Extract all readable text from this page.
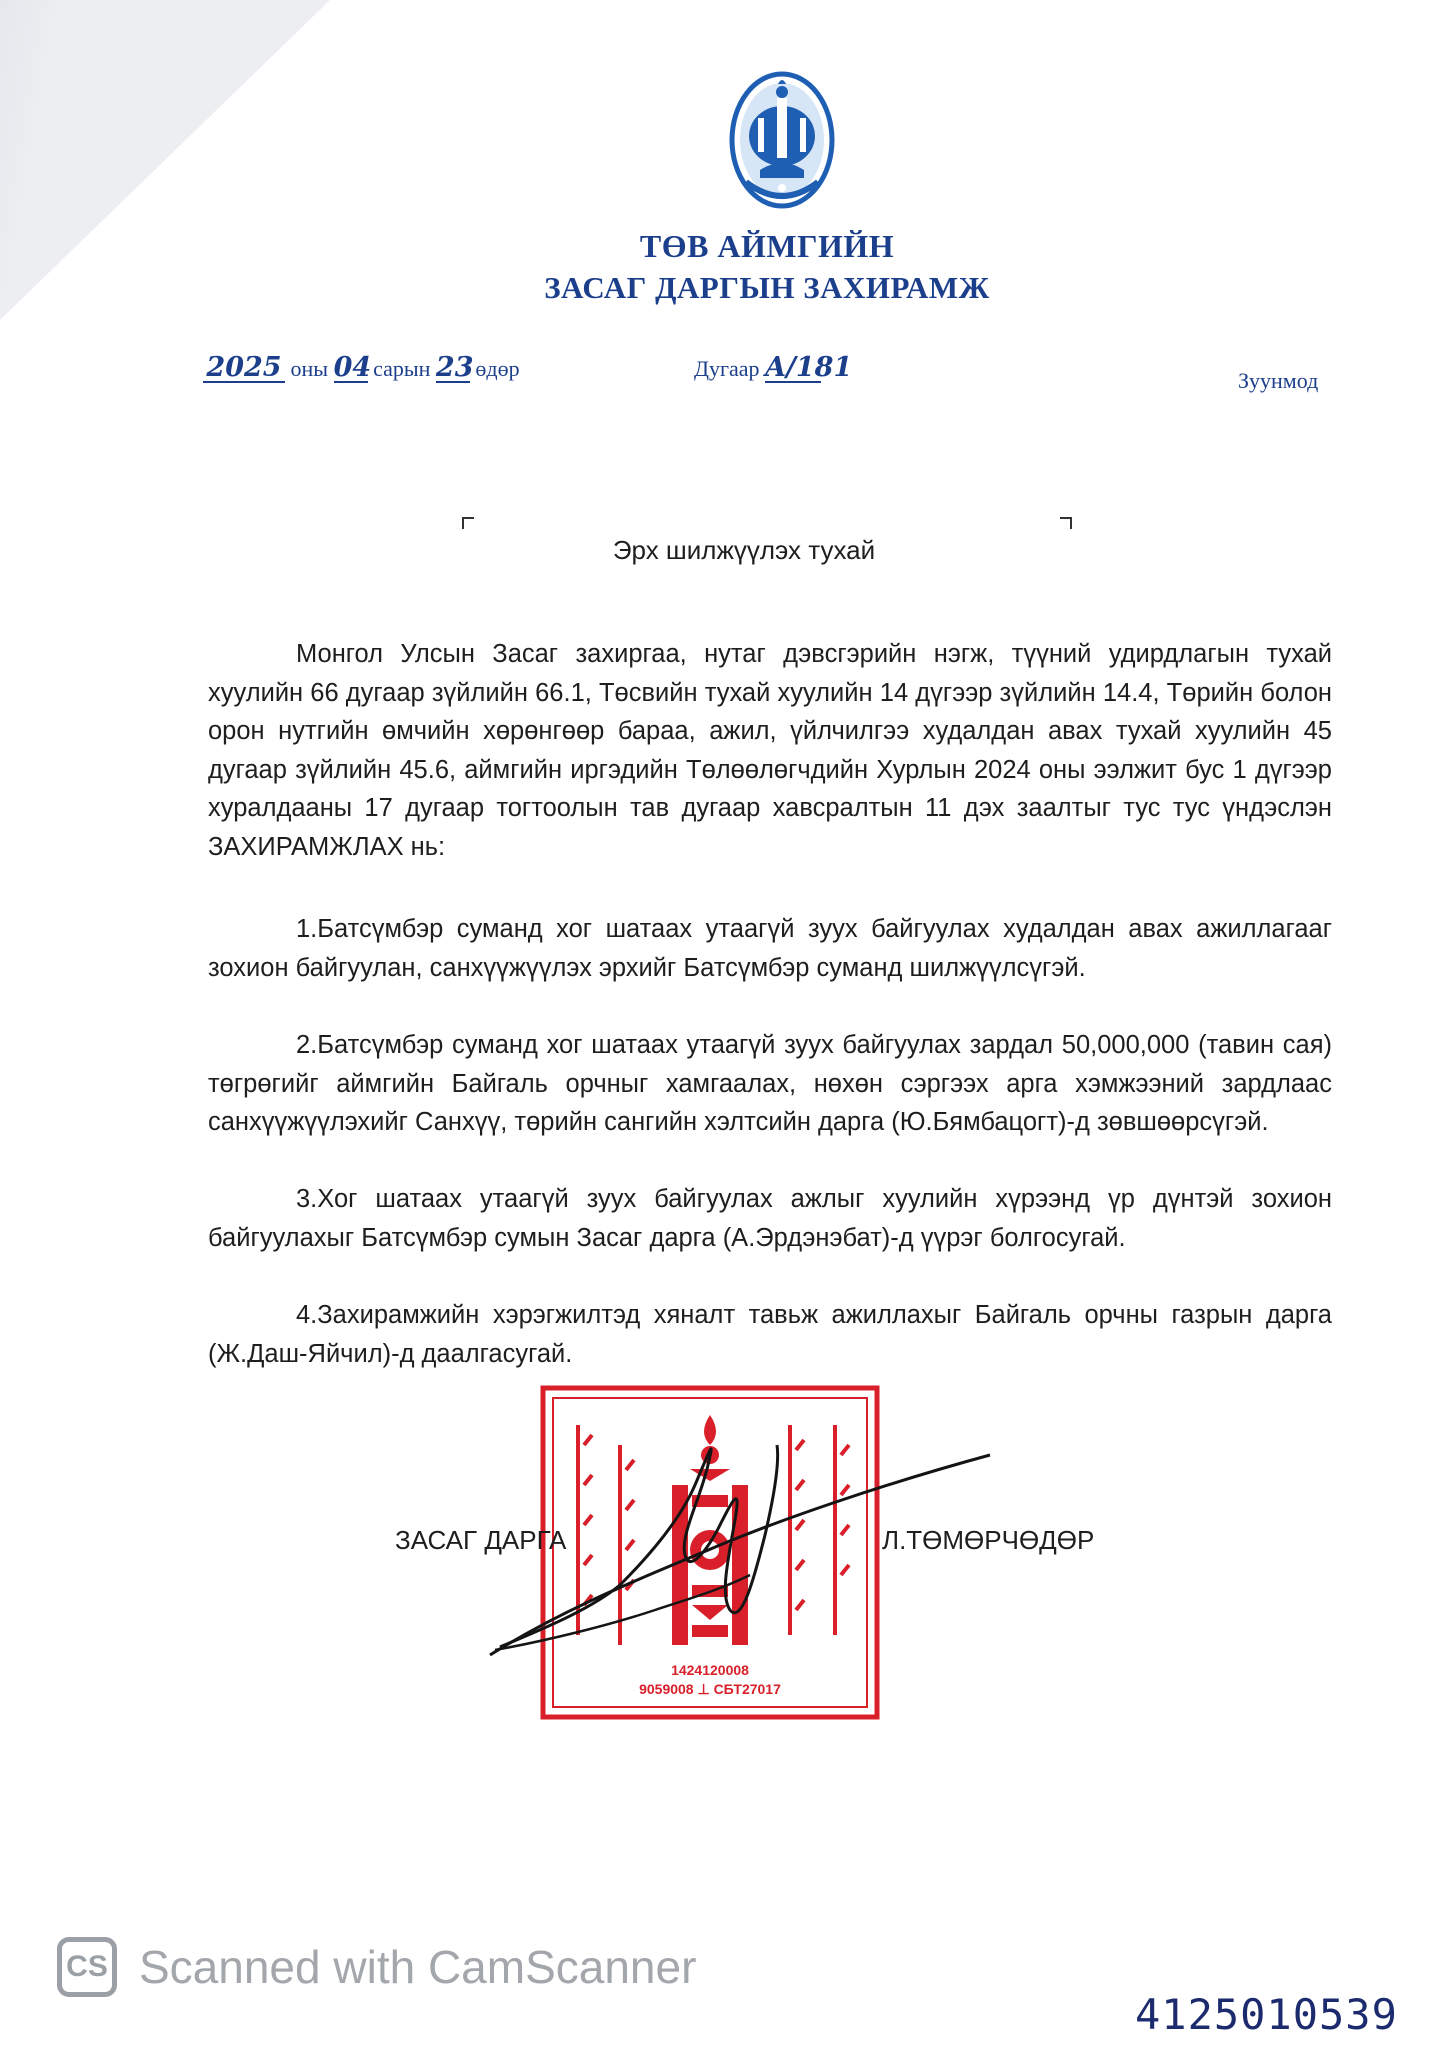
ТӨВ АЙМГИЙН
ЗАСАГ ДАРГЫН ЗАХИРАМЖ
2025 оны 04 сарын 23 өдөр	Дугаар A/181	Зуунмод
Эрх шилжүүлэх тухай

Монгол Улсын Засаг захиргаа, нутаг дэвсгэрийн нэгж, түүний удирдлагын тухай хуулийн 66 дугаар зүйлийн 66.1, Төсвийн тухай хуулийн 14 дүгээр зүйлийн 14.4, Төрийн болон орон нутгийн өмчийн хөрөнгөөр бараа, ажил, үйлчилгээ худалдан авах тухай хуулийн 45 дугаар зүйлийн 45.6, аймгийн иргэдийн Төлөөлөгчдийн Хурлын 2024 оны ээлжит бус 1 дүгээр хуралдааны 17 дугаар тогтоолын тав дугаар хавсралтын 11 дэх заалтыг тус тус үндэслэн ЗАХИРАМЖЛАХ нь:

1.Батсүмбэр суманд хог шатаах утаагүй зуух байгуулах худалдан авах ажиллагааг зохион байгуулан, санхүүжүүлэх эрхийг Батсүмбэр суманд шилжүүлсүгэй.

2.Батсүмбэр суманд хог шатаах утаагүй зуух байгуулах зардал 50,000,000 (тавин сая) төгрөгийг аймгийн Байгаль орчныг хамгаалах, нөхөн сэргээх арга хэмжээний зардлаас санхүүжүүлэхийг Санхүү, төрийн сангийн хэлтсийн дарга (Ю.Бямбацогт)-д зөвшөөрсүгэй.

3.Хог шатаах утаагүй зуух байгуулах ажлыг хуулийн хүрээнд үр дүнтэй зохион байгуулахыг Батсүмбэр сумын Засаг дарга (А.Эрдэнэбат)-д үүрэг болгосугай.

4.Захирамжийн хэрэгжилтэд хяналт тавьж ажиллахыг Байгаль орчны газрын дарга (Ж.Даш-Яйчил)-д даалгасугай.

1424120008
9059008 ⊥ СБТ27017
ЗАСАГ ДАРГА	Л.ТӨМӨРЧӨДӨР
CS Scanned with CamScanner
4125010539
